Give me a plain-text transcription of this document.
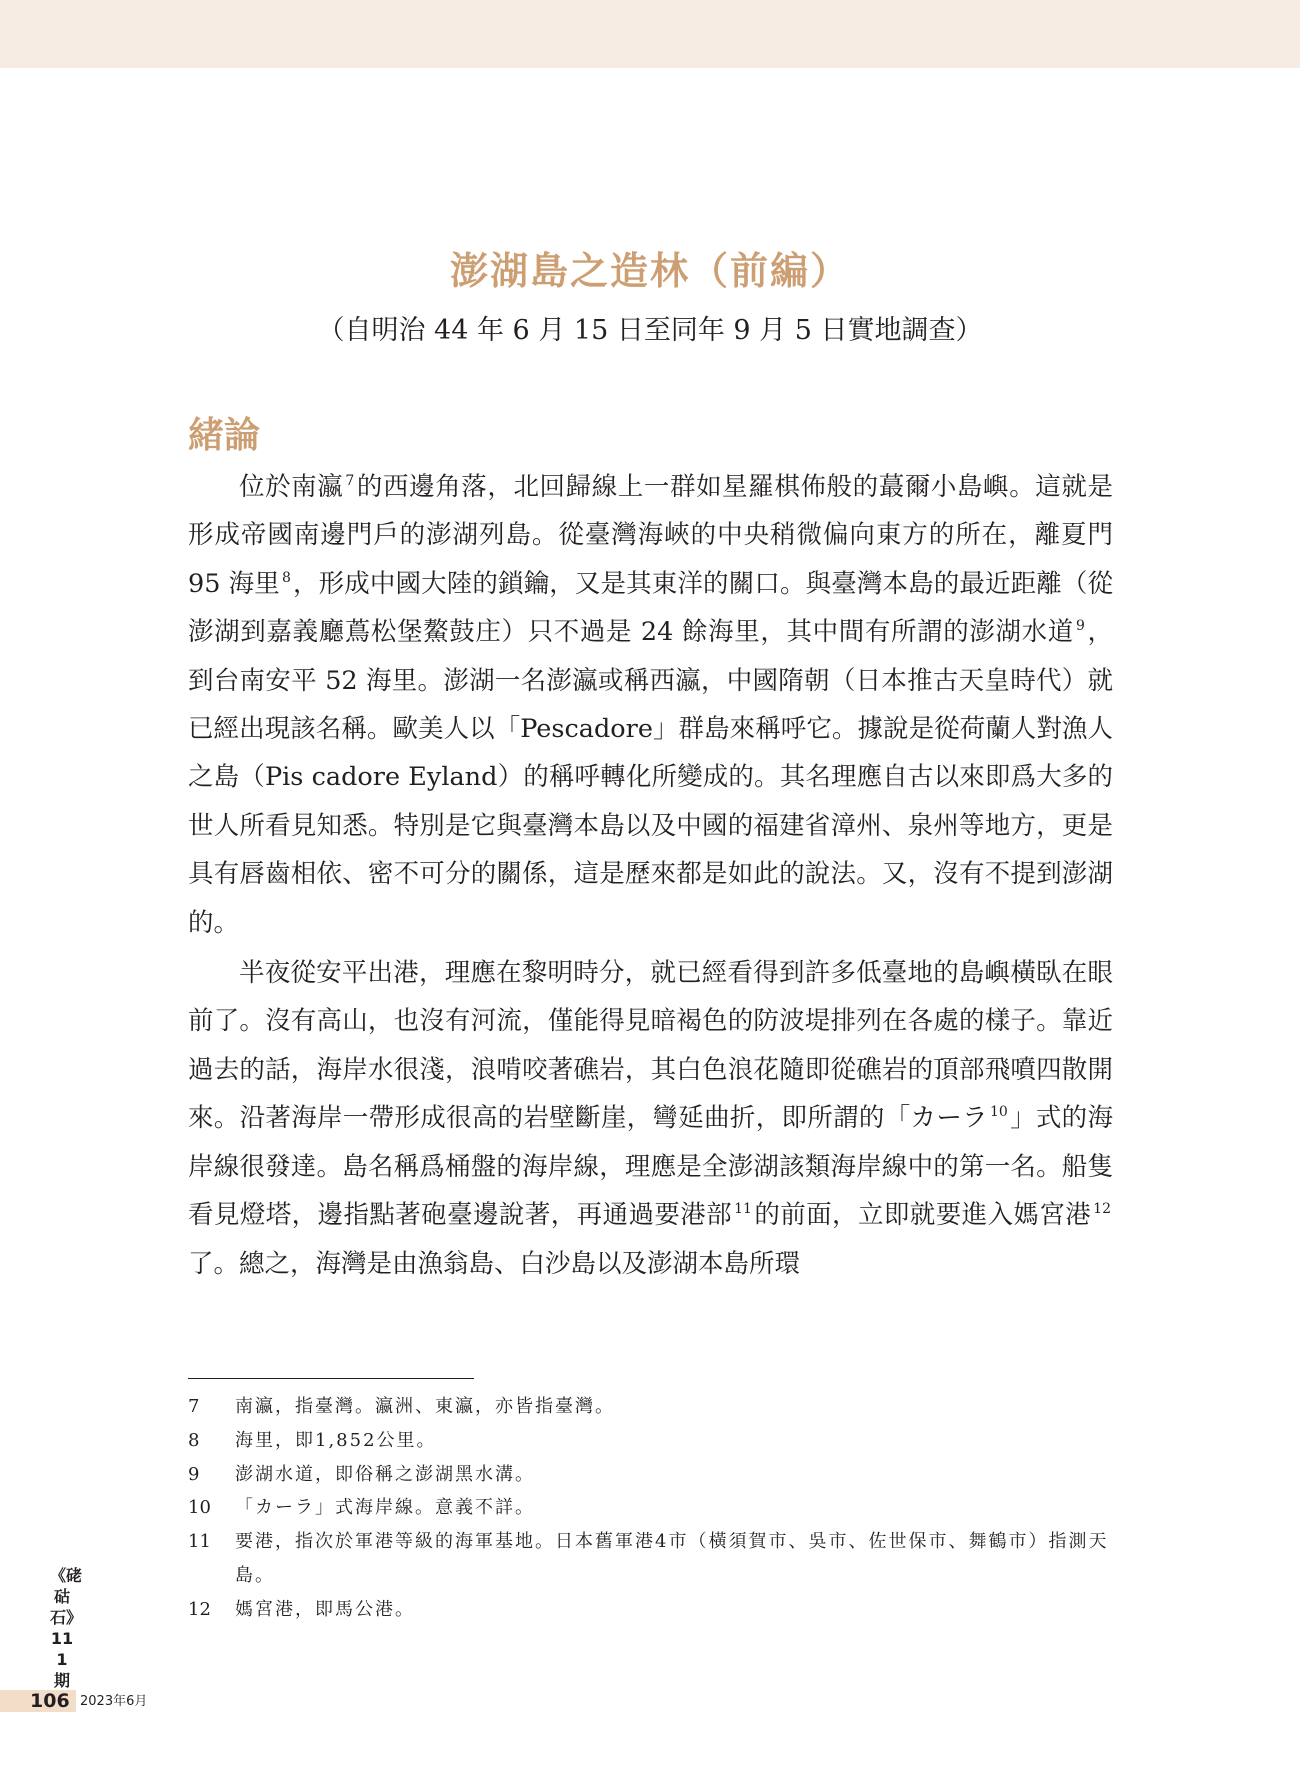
澎湖島之造林（前編）
（自明治 44 年 6 月 15 日至同年 9 月 5 日實地調查）
緒論

位於南瀛 $^7$的西邊角落，北回歸線上一群如星羅棋佈般的蕞爾小島嶼。這就是形成帝國南邊門戶的澎湖列島。從臺灣海峽的中央稍微偏向東方的所在，離夏門 95 海里 $^8$，形成中國大陸的鎖鑰，又是其東洋的關口。與臺灣本島的最近距離（從澎湖到嘉義廳蔦松堡鰲鼓庄）只不過是 24 餘海里，其中間有所謂的澎湖水道 $^9$，到台南安平 52 海里。澎湖一名澎瀛或稱西瀛，中國隋朝（日本推古天皇時代）就已經出現該名稱。歐美人以「Pescadore」群島來稱呼它。據說是從荷蘭人對漁人之島（Pis cadore Eyland）的稱呼轉化所變成的。其名理應自古以來即爲大多的世人所看見知悉。特別是它與臺灣本島以及中國的福建省漳州、泉州等地方，更是具有唇齒相依、密不可分的關係，這是歷來都是如此的說法。又，沒有不提到澎湖的。

半夜從安平出港，理應在黎明時分，就已經看得到許多低臺地的島嶼橫臥在眼前了。沒有高山，也沒有河流，僅能得見暗褐色的防波堤排列在各處的樣子。靠近過去的話，海岸水很淺，浪啃咬著礁岩，其白色浪花隨即從礁岩的頂部飛噴四散開來。沿著海岸一帶形成很高的岩壁斷崖，彎延曲折，即所謂的「カーラ $^{10}$」式的海岸線很發達。島名稱爲桶盤的海岸線，理應是全澎湖該類海岸線中的第一名。船隻看見燈塔，邊指點著砲臺邊說著，再通過要港部 $^{11}$的前面，立即就要進入媽宮港 $^{12}$了。總之，海灣是由漁翁島、白沙島以及澎湖本島所環

7	南瀛，指臺灣。瀛洲、東瀛，亦皆指臺灣。
8	海里，即1,852公里。
9	澎湖水道，即俗稱之澎湖黑水溝。
10	「カーラ」式海岸線。意義不詳。
11	要港，指次於軍港等級的海軍基地。日本舊軍港4市（橫須賀市、吳市、佐世保市、舞鶴市）指測天島。
12	媽宮港，即馬公港。
《硓𥑮石》111期
106 2023年6月
